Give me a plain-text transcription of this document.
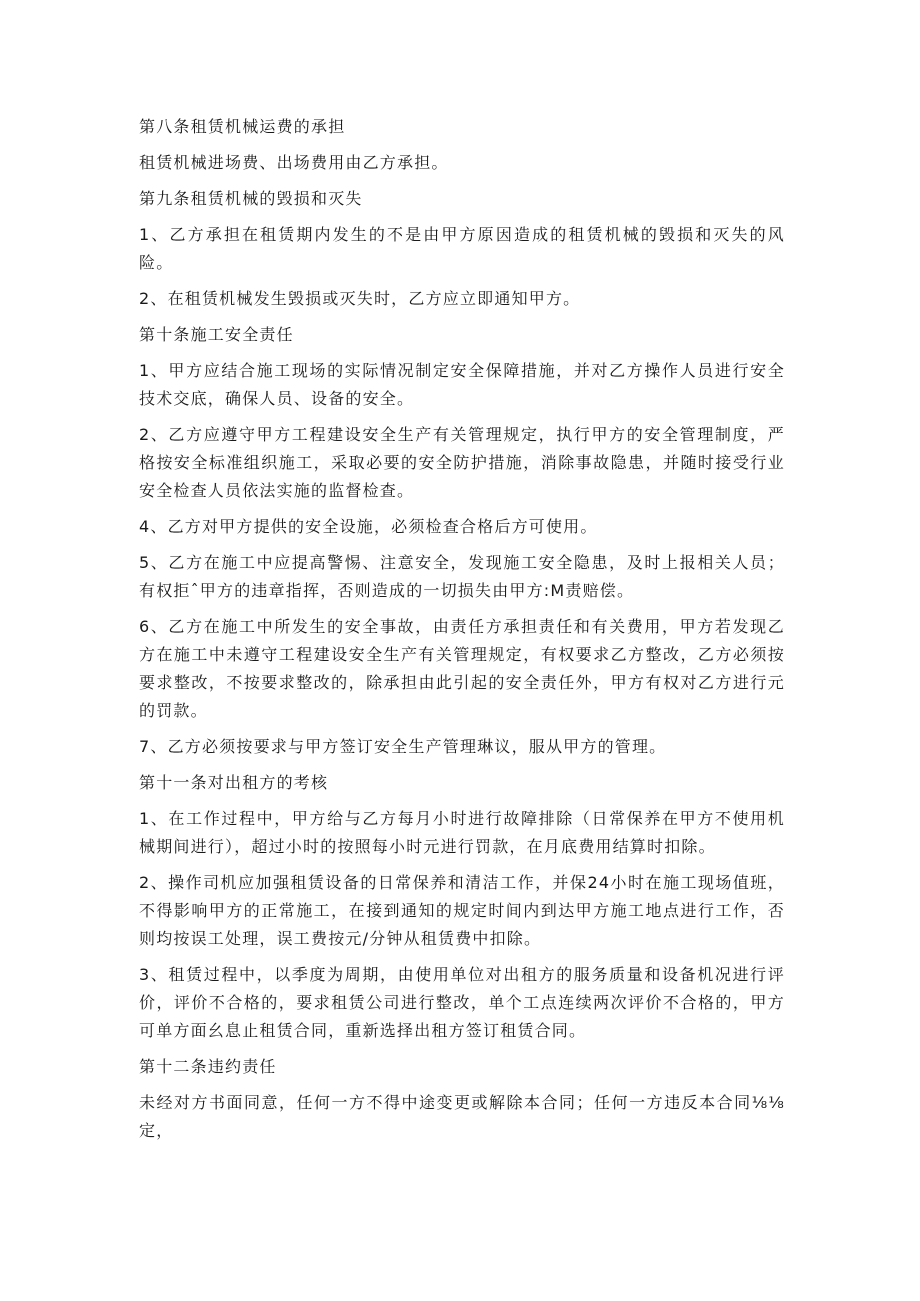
第八条租赁机械运费的承担

租赁机械进场费、出场费用由乙方承担。

第九条租赁机械的毁损和灭失

1、乙方承担在租赁期内发生的不是由甲方原因造成的租赁机械的毁损和灭失的风险。

2、在租赁机械发生毁损或灭失时，乙方应立即通知甲方。

第十条施工安全责任

1、甲方应结合施工现场的实际情况制定安全保障措施，并对乙方操作人员进行安全技术交底，确保人员、设备的安全。

2、乙方应遵守甲方工程建设安全生产有关管理规定，执行甲方的安全管理制度，严格按安全标准组织施工，采取必要的安全防护措施，消除事故隐患，并随时接受行业安全检查人员依法实施的监督检查。

4、乙方对甲方提供的安全设施，必须检查合格后方可使用。

5、乙方在施工中应提高警惕、注意安全，发现施工安全隐患，及时上报相关人员；有权拒ˆ甲方的违章指挥，否则造成的一切损失由甲方:M责赔偿。

6、乙方在施工中所发生的安全事故，由责任方承担责任和有关费用，甲方若发现乙方在施工中未遵守工程建设安全生产有关管理规定，有权要求乙方整改，乙方必须按要求整改，不按要求整改的，除承担由此引起的安全责任外，甲方有权对乙方进行元的罚款。

7、乙方必须按要求与甲方签订安全生产管理琳议，服从甲方的管理。

第十一条对出租方的考核

1、在工作过程中，甲方给与乙方每月小时进行故障排除（日常保养在甲方不使用机械期间进行），超过小时的按照每小时元进行罚款，在月底费用结算时扣除。

2、操作司机应加强租赁设备的日常保养和清洁工作，并保24小时在施工现场值班，不得影响甲方的正常施工，在接到通知的规定时间内到达甲方施工地点进行工作，否则均按误工处理，误工费按元/分钟从租赁费中扣除。

3、租赁过程中，以季度为周期，由使用单位对出租方的服务质量和设备机况进行评价，评价不合格的，要求租赁公司进行整改，单个工点连续两次评价不合格的，甲方可单方面幺息止租赁合同，重新选择出租方签订租赁合同。

第十二条违约责任

未经对方书面同意，任何一方不得中途变更或解除本合同；任何一方违反本合同⅛⅛定，
